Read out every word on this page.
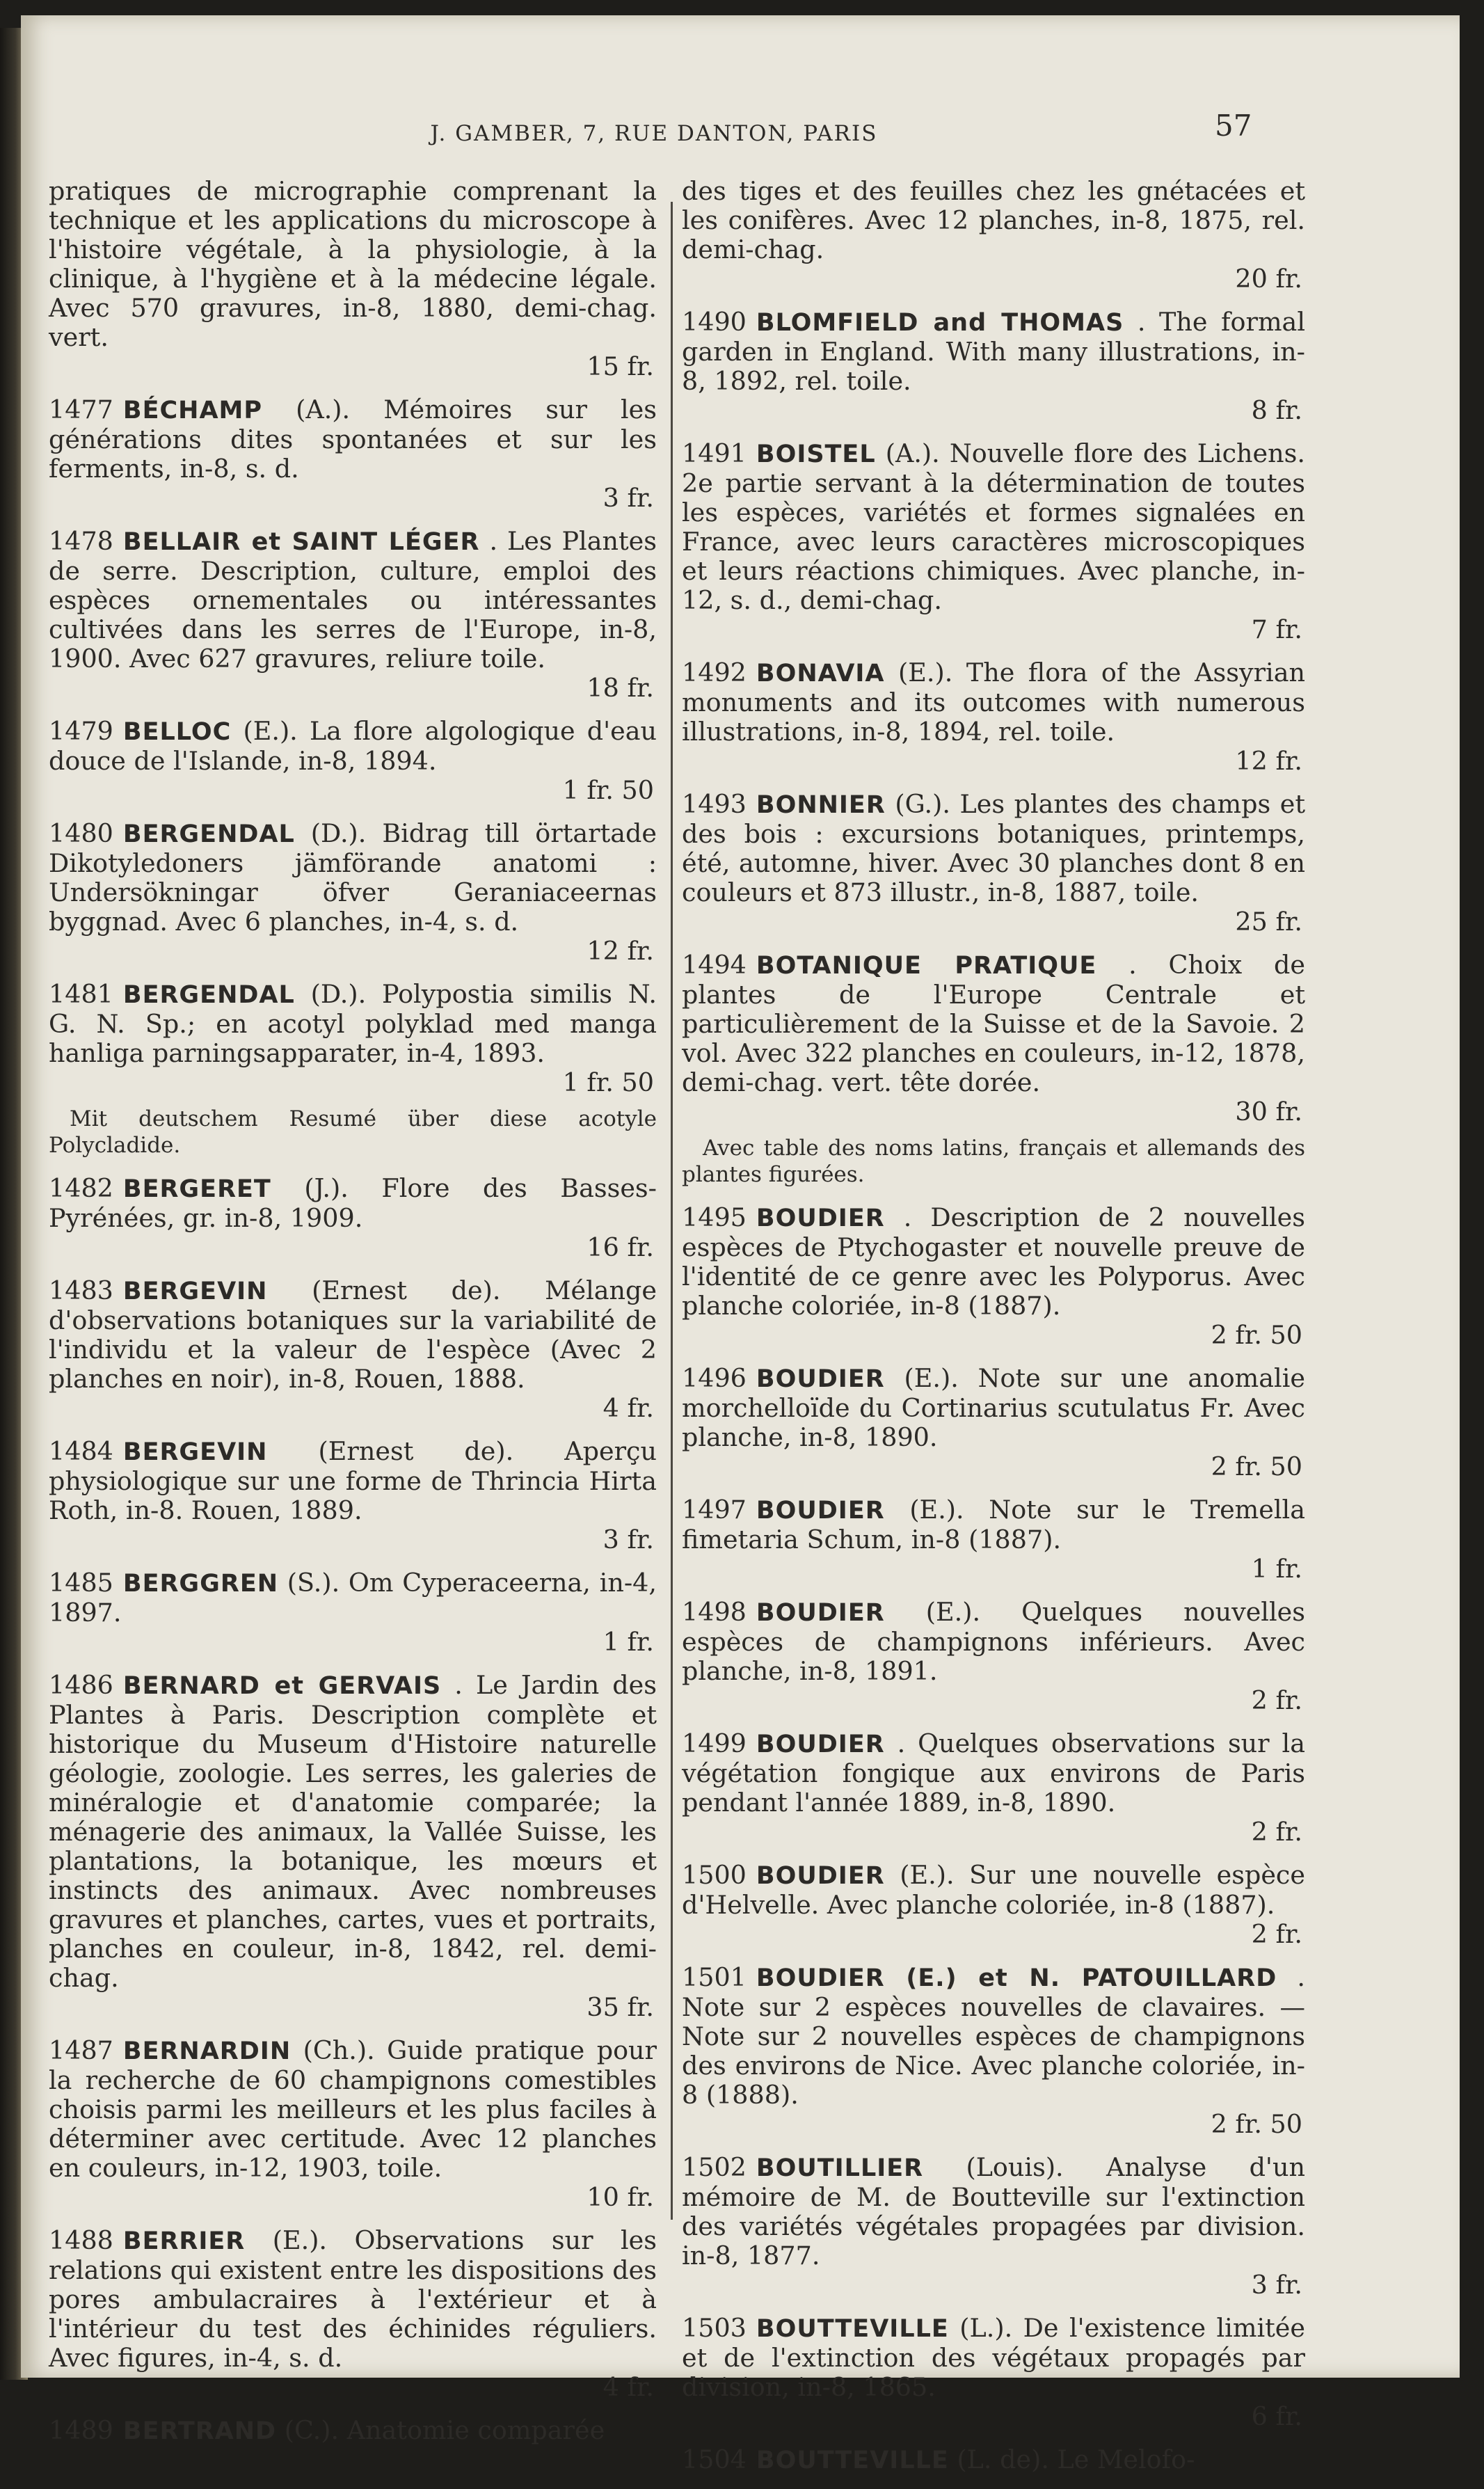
J. GAMBER, 7, RUE DANTON, PARIS	57

pratiques de micrographie comprenant la technique et les applications du microscope à l'histoire végétale, à la physiologie, à la clinique, à l'hygiène et à la médecine légale. Avec 570 gravures, in-8, 1880, demi-chag. vert.
15 fr.

1477 BÉCHAMP (A.). Mémoires sur les générations dites spontanées et sur les ferments, in-8, s. d.
3 fr.

1478 BELLAIR et SAINT LÉGER . Les Plantes de serre. Description, culture, emploi des espèces ornementales ou intéressantes cultivées dans les serres de l'Europe, in-8, 1900. Avec 627 gravures, reliure toile.
18 fr.

1479 BELLOC (E.). La flore algologique d'eau douce de l'Islande, in-8, 1894.
1 fr. 50

1480 BERGENDAL (D.). Bidrag till örtartade Dikotyledoners jämförande anatomi : Undersökningar öfver Geraniaceernas byggnad. Avec 6 planches, in-4, s. d.
12 fr.

1481 BERGENDAL (D.). Polypostia similis N. G. N. Sp.; en acotyl polyklad med manga hanliga parningsapparater, in-4, 1893.
1 fr. 50

Mit deutschem Resumé über diese acotyle Polycladide.

1482 BERGERET (J.). Flore des Basses-Pyrénées, gr. in-8, 1909.
16 fr.

1483 BERGEVIN (Ernest de). Mélange d'observations botaniques sur la variabilité de l'individu et la valeur de l'espèce (Avec 2 planches en noir), in-8, Rouen, 1888.
4 fr.

1484 BERGEVIN (Ernest de). Aperçu physiologique sur une forme de Thrincia Hirta Roth, in-8. Rouen, 1889.
3 fr.

1485 BERGGREN (S.). Om Cyperaceerna, in-4, 1897.
1 fr.

1486 BERNARD et GERVAIS . Le Jardin des Plantes à Paris. Description complète et historique du Museum d'Histoire naturelle géologie, zoologie. Les serres, les galeries de minéralogie et d'anatomie comparée; la ménagerie des animaux, la Vallée Suisse, les plantations, la botanique, les mœurs et instincts des animaux. Avec nombreuses gravures et planches, cartes, vues et portraits, planches en couleur, in-8, 1842, rel. demi-chag.
35 fr.

1487 BERNARDIN (Ch.). Guide pratique pour la recherche de 60 champignons comestibles choisis parmi les meilleurs et les plus faciles à déterminer avec certitude. Avec 12 planches en couleurs, in-12, 1903, toile.
10 fr.

1488 BERRIER (E.). Observations sur les relations qui existent entre les dispositions des pores ambulacraires à l'extérieur et à l'intérieur du test des échinides réguliers. Avec figures, in-4, s. d.
4 fr.

1489 BERTRAND (C.). Anatomie comparée

des tiges et des feuilles chez les gnétacées et les conifères. Avec 12 planches, in-8, 1875, rel. demi-chag.
20 fr.

1490 BLOMFIELD and THOMAS . The formal garden in England. With many illustrations, in-8, 1892, rel. toile.
8 fr.

1491 BOISTEL (A.). Nouvelle flore des Lichens. 2e partie servant à la détermination de toutes les espèces, variétés et formes signalées en France, avec leurs caractères microscopiques et leurs réactions chimiques. Avec planche, in-12, s. d., demi-chag.
7 fr.

1492 BONAVIA (E.). The flora of the Assyrian monuments and its outcomes with numerous illustrations, in-8, 1894, rel. toile.
12 fr.

1493 BONNIER (G.). Les plantes des champs et des bois : excursions botaniques, printemps, été, automne, hiver. Avec 30 planches dont 8 en couleurs et 873 illustr., in-8, 1887, toile.
25 fr.

1494 BOTANIQUE PRATIQUE . Choix de plantes de l'Europe Centrale et particulièrement de la Suisse et de la Savoie. 2 vol. Avec 322 planches en couleurs, in-12, 1878, demi-chag. vert. tête dorée.
30 fr.

Avec table des noms latins, français et allemands des plantes figurées.

1495 BOUDIER . Description de 2 nouvelles espèces de Ptychogaster et nouvelle preuve de l'identité de ce genre avec les Polyporus. Avec planche coloriée, in-8 (1887).
2 fr. 50

1496 BOUDIER (E.). Note sur une anomalie morchelloïde du Cortinarius scutulatus Fr. Avec planche, in-8, 1890.
2 fr. 50

1497 BOUDIER (E.). Note sur le Tremella fimetaria Schum, in-8 (1887).
1 fr.

1498 BOUDIER (E.). Quelques nouvelles espèces de champignons inférieurs. Avec planche, in-8, 1891.
2 fr.

1499 BOUDIER . Quelques observations sur la végétation fongique aux environs de Paris pendant l'année 1889, in-8, 1890.
2 fr.

1500 BOUDIER (E.). Sur une nouvelle espèce d'Helvelle. Avec planche coloriée, in-8 (1887).
2 fr.

1501 BOUDIER (E.) et N. PATOUILLARD . Note sur 2 espèces nouvelles de clavaires. — Note sur 2 nouvelles espèces de champignons des environs de Nice. Avec planche coloriée, in-8 (1888).
2 fr. 50

1502 BOUTILLIER (Louis). Analyse d'un mémoire de M. de Boutteville sur l'extinction des variétés végétales propagées par division. in-8, 1877.
3 fr.

1503 BOUTTEVILLE (L.). De l'existence limitée et de l'extinction des végétaux propagés par division, in-8, 1865.
6 fr.

1504 BOUTTEVILLE (L. de). Le Melofo-
